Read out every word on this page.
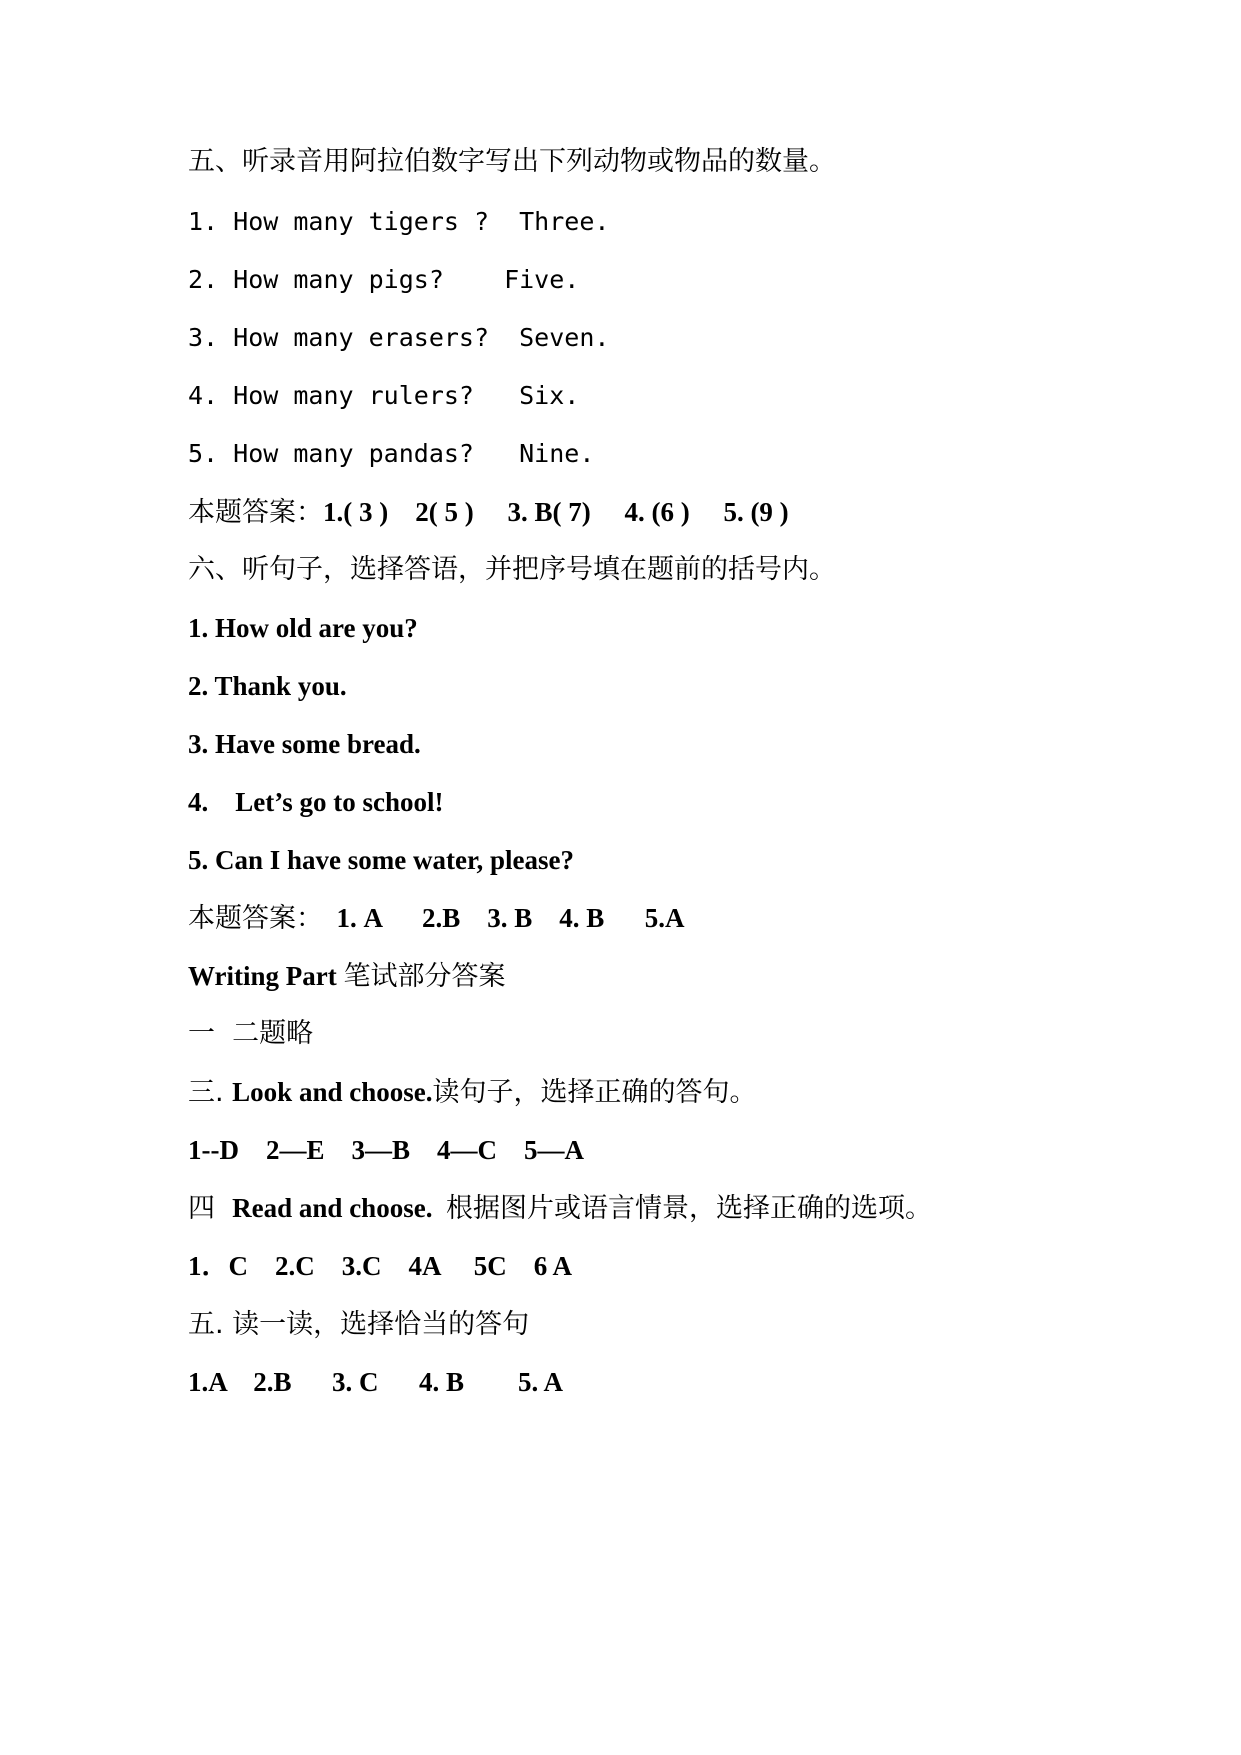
五、听录音用阿拉伯数字写出下列动物或物品的数量。
1. How many tigers ?  Three.
2. How many pigs?    Five.
3. How many erasers?  Seven.
4. How many rulers?   Six.
5. How many pandas?   Nine.
本题答案：1.( 3 )    2( 5 )     3. B( 7)     4. (6 )     5. (9 )
六、听句子，选择答语，并把序号填在题前的括号内。
1. How old are you?
2. Thank you.
3. Have some bread.
4.    Let’s go to school!
5. Can I have some water, please?
本题答案：  1. A      2.B    3. B    4. B      5.A
Writing Part 笔试部分答案
一  二题略
三. Look and choose.读句子，选择正确的答句。
1--D    2—E    3—B    4—C    5—A
四  Read and choose.  根据图片或语言情景，选择正确的选项。
1．C    2.C    3.C    4A     5C    6 A
五. 读一读，选择恰当的答句
1.A    2.B      3. C      4. B        5. A
